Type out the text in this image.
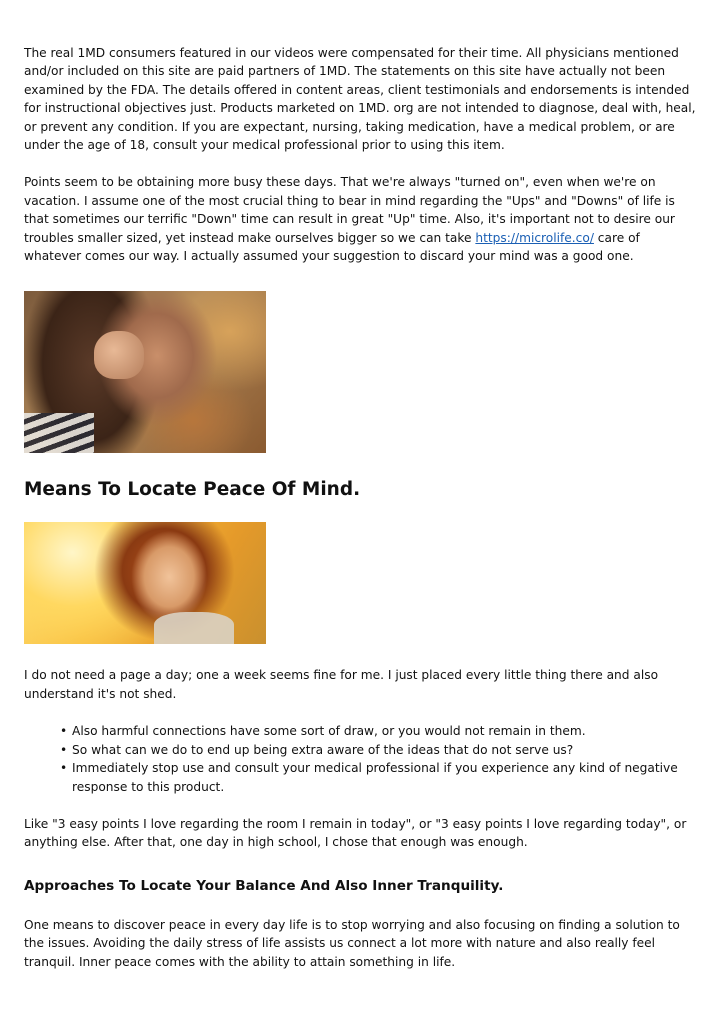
The real 1MD consumers featured in our videos were compensated for their time. All physicians mentioned and/or included on this site are paid partners of 1MD. The statements on this site have actually not been examined by the FDA. The details offered in content areas, client testimonials and endorsements is intended for instructional objectives just. Products marketed on 1MD. org are not intended to diagnose, deal with, heal, or prevent any condition. If you are expectant, nursing, taking medication, have a medical problem, or are under the age of 18, consult your medical professional prior to using this item.

Points seem to be obtaining more busy these days. That we're always "turned on", even when we're on vacation. I assume one of the most crucial thing to bear in mind regarding the "Ups" and "Downs" of life is that sometimes our terrific "Down" time can result in great "Up" time. Also, it's important not to desire our troubles smaller sized, yet instead make ourselves bigger so we can take https://microlife.co/ care of whatever comes our way. I actually assumed your suggestion to discard your mind was a good one.

Means To Locate Peace Of Mind.

I do not need a page a day; one a week seems fine for me. I just placed every little thing there and also understand it's not shed.

• Also harmful connections have some sort of draw, or you would not remain in them.
• So what can we do to end up being extra aware of the ideas that do not serve us?
• Immediately stop use and consult your medical professional if you experience any kind of negative response to this product.

Like "3 easy points I love regarding the room I remain in today", or "3 easy points I love regarding today", or anything else. After that, one day in high school, I chose that enough was enough.

Approaches To Locate Your Balance And Also Inner Tranquility.

One means to discover peace in every day life is to stop worrying and also focusing on finding a solution to the issues. Avoiding the daily stress of life assists us connect a lot more with nature and also really feel tranquil. Inner peace comes with the ability to attain something in life.
